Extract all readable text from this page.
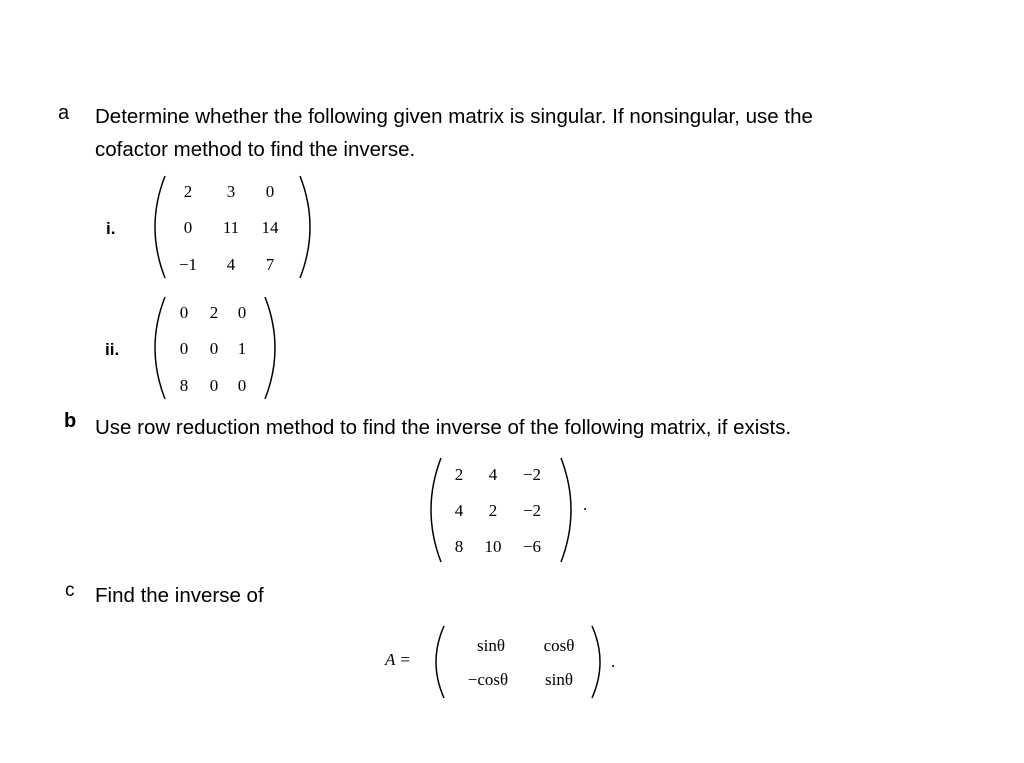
a Determine whether the following given matrix is singular. If nonsingular, use the
cofactor method to find the inverse.
i.
2	3	0
0	11	14
−1	4	7
ii.
0	2	0
0	0	1
8	0	0
b Use row reduction method to find the inverse of the following matrix, if exists.
2	4	−2
4	2	−2
8	10	−6
.
c Find the inverse of
A =
sinθ	cosθ
−cosθ	sinθ
.
